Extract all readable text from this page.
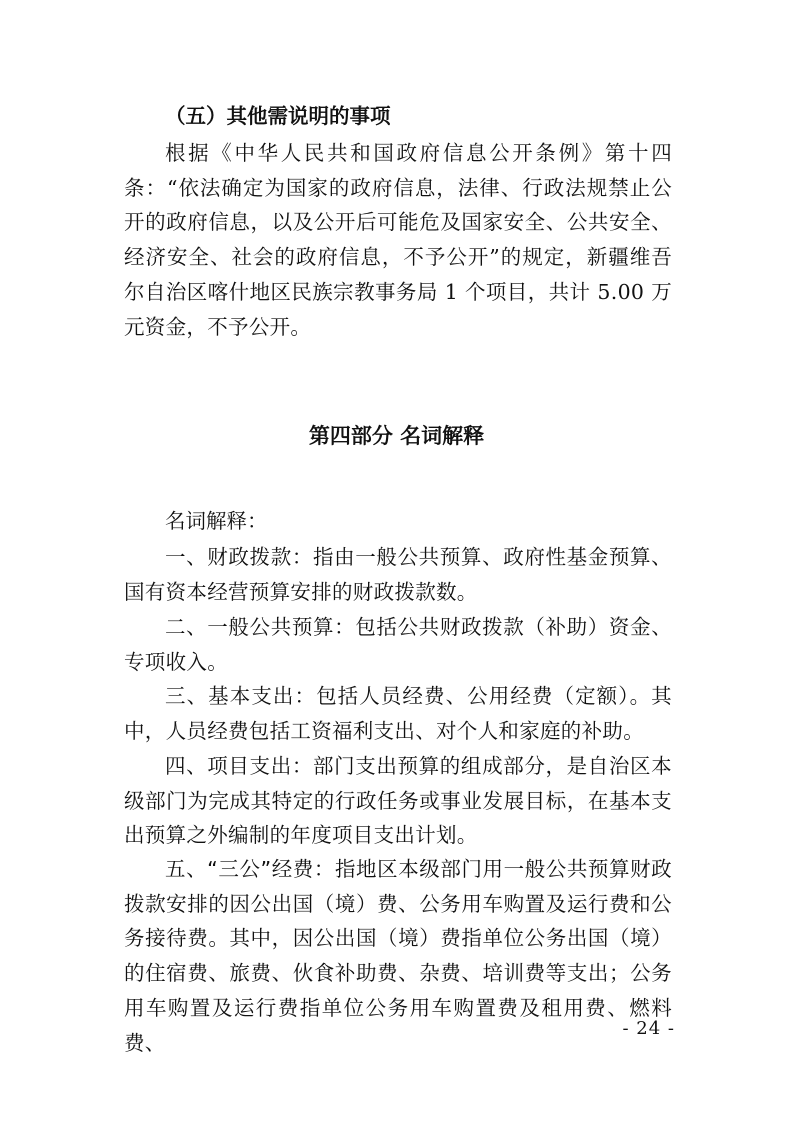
（五）其他需说明的事项

根据《中华人民共和国政府信息公开条例》第十四条：“依法确定为国家的政府信息，法律、行政法规禁止公开的政府信息，以及公开后可能危及国家安全、公共安全、经济安全、社会的政府信息，不予公开”的规定，新疆维吾尔自治区喀什地区民族宗教事务局 1 个项目，共计 5.00 万元资金，不予公开。

第四部分 名词解释

名词解释：

一、财政拨款：指由一般公共预算、政府性基金预算、国有资本经营预算安排的财政拨款数。

二、一般公共预算：包括公共财政拨款（补助）资金、专项收入。

三、基本支出：包括人员经费、公用经费（定额）。其中，人员经费包括工资福利支出、对个人和家庭的补助。

四、项目支出：部门支出预算的组成部分，是自治区本级部门为完成其特定的行政任务或事业发展目标，在基本支出预算之外编制的年度项目支出计划。

五、“三公”经费：指地区本级部门用一般公共预算财政拨款安排的因公出国（境）费、公务用车购置及运行费和公务接待费。其中，因公出国（境）费指单位公务出国（境）的住宿费、旅费、伙食补助费、杂费、培训费等支出；公务用车购置及运行费指单位公务用车购置费及租用费、燃料费、

- 24 -
